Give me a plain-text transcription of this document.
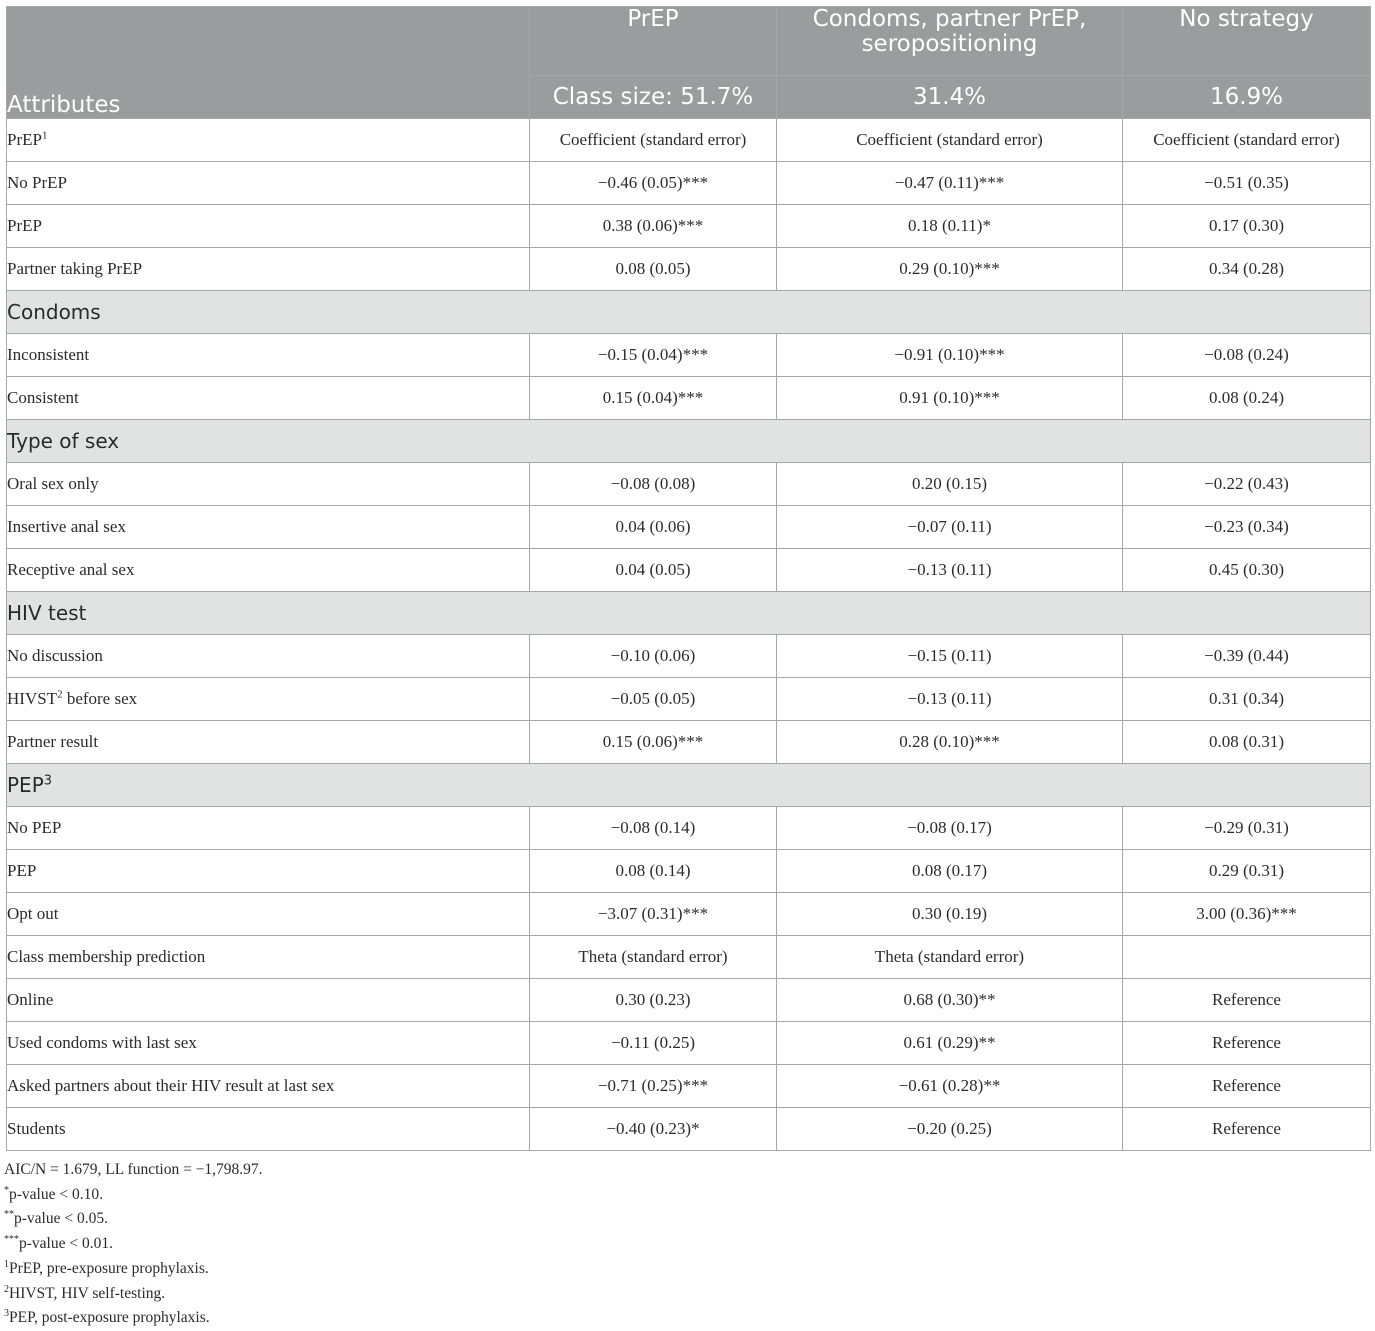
Attributes	PrEP	Condoms, partner PrEP, seropositioning	No strategy
	Class size: 51.7%	31.4%	16.9%
PrEP$^1$	Coefficient (standard error)	Coefficient (standard error)	Coefficient (standard error)
No PrEP	−0.46 (0.05)***	−0.47 (0.11)***	−0.51 (0.35)
PrEP	0.38 (0.06)***	0.18 (0.11)*	0.17 (0.30)
Partner taking PrEP	0.08 (0.05)	0.29 (0.10)***	0.34 (0.28)
Condoms			
Inconsistent	−0.15 (0.04)***	−0.91 (0.10)***	−0.08 (0.24)
Consistent	0.15 (0.04)***	0.91 (0.10)***	0.08 (0.24)
Type of sex			
Oral sex only	−0.08 (0.08)	0.20 (0.15)	−0.22 (0.43)
Insertive anal sex	0.04 (0.06)	−0.07 (0.11)	−0.23 (0.34)
Receptive anal sex	0.04 (0.05)	−0.13 (0.11)	0.45 (0.30)
HIV test			
No discussion	−0.10 (0.06)	−0.15 (0.11)	−0.39 (0.44)
HIVST$^2$ before sex	−0.05 (0.05)	−0.13 (0.11)	0.31 (0.34)
Partner result	0.15 (0.06)***	0.28 (0.10)***	0.08 (0.31)
PEP$^3$
No PEP	−0.08 (0.14)	−0.08 (0.17)	−0.29 (0.31)
PEP	0.08 (0.14)	0.08 (0.17)	0.29 (0.31)
Opt out	−3.07 (0.31)***	0.30 (0.19)	3.00 (0.36)***
Class membership prediction	Theta (standard error)	Theta (standard error)	
Online	0.30 (0.23)	0.68 (0.30)**	Reference
Used condoms with last sex	−0.11 (0.25)	0.61 (0.29)**	Reference
Asked partners about their HIV result at last sex	−0.71 (0.25)***	−0.61 (0.28)**	Reference
Students	−0.40 (0.23)*	−0.20 (0.25)	Reference
AIC/N = 1.679, LL function = −1,798.97.
*p-value < 0.10.
**p-value < 0.05.
***p-value < 0.01.
$^1$PrEP, pre-exposure prophylaxis.
$^2$HIVST, HIV self-testing.
$^3$PEP, post-exposure prophylaxis.
